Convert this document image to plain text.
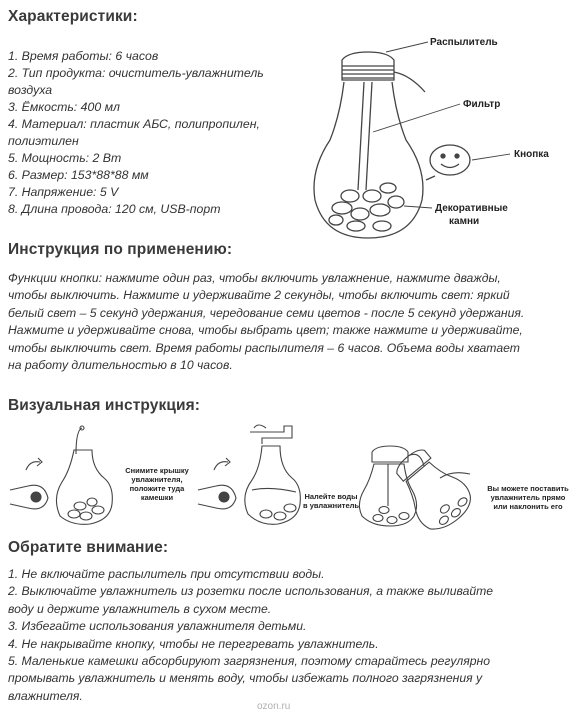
Характеристики:
1. Время работы: 6 часов
2. Тип продукта: очиститель-увлажнитель
воздуха
3. Ёмкость: 400 мл
4. Материал: пластик АБС, полипропилен,
полиэтилен
5. Мощность: 2 Вт
6. Размер: 153*88*88 мм
7. Напряжение: 5 V
8. Длина провода: 120 см, USB-порт
Распылитель
Фильтр
Кнопка
Декоративные
камни
Инструкция по применению:
Функции кнопки: нажмите один раз, чтобы включить увлажнение, нажмите дважды,
чтобы выключить. Нажмите и удерживайте 2 секунды, чтобы включить свет: яркий
белый свет – 5 секунд удержания, чередование семи цветов - после 5 секунд удержания.
Нажмите и удерживайте снова, чтобы выбрать цвет; также нажмите и удерживайте,
чтобы выключить свет. Время работы распылителя – 6 часов. Объема воды хватает
на работу длительностью в 10 часов.
Визуальная инструкция:
Снимите крышку
увлажнителя,
положите туда
камешки	Налейте воды
в увлажнитель
Вы можете поставить
увлажнитель прямо
или наклонить его
Обратите внимание:
1. Не включайте распылитель при отсутствии воды.
2. Выключайте увлажнитель из розетки после использования, а также выливайте
воду и держите увлажнитель в сухом месте.
3. Избегайте использования увлажнителя детьми.
4. Не накрывайте кнопку, чтобы не перегревать увлажнитель.
5. Маленькие камешки абсорбируют загрязнения, поэтому старайтесь регулярно
промывать увлажнитель и менять воду, чтобы избежать полного загрязнения у
влажнителя.
ozon.ru
